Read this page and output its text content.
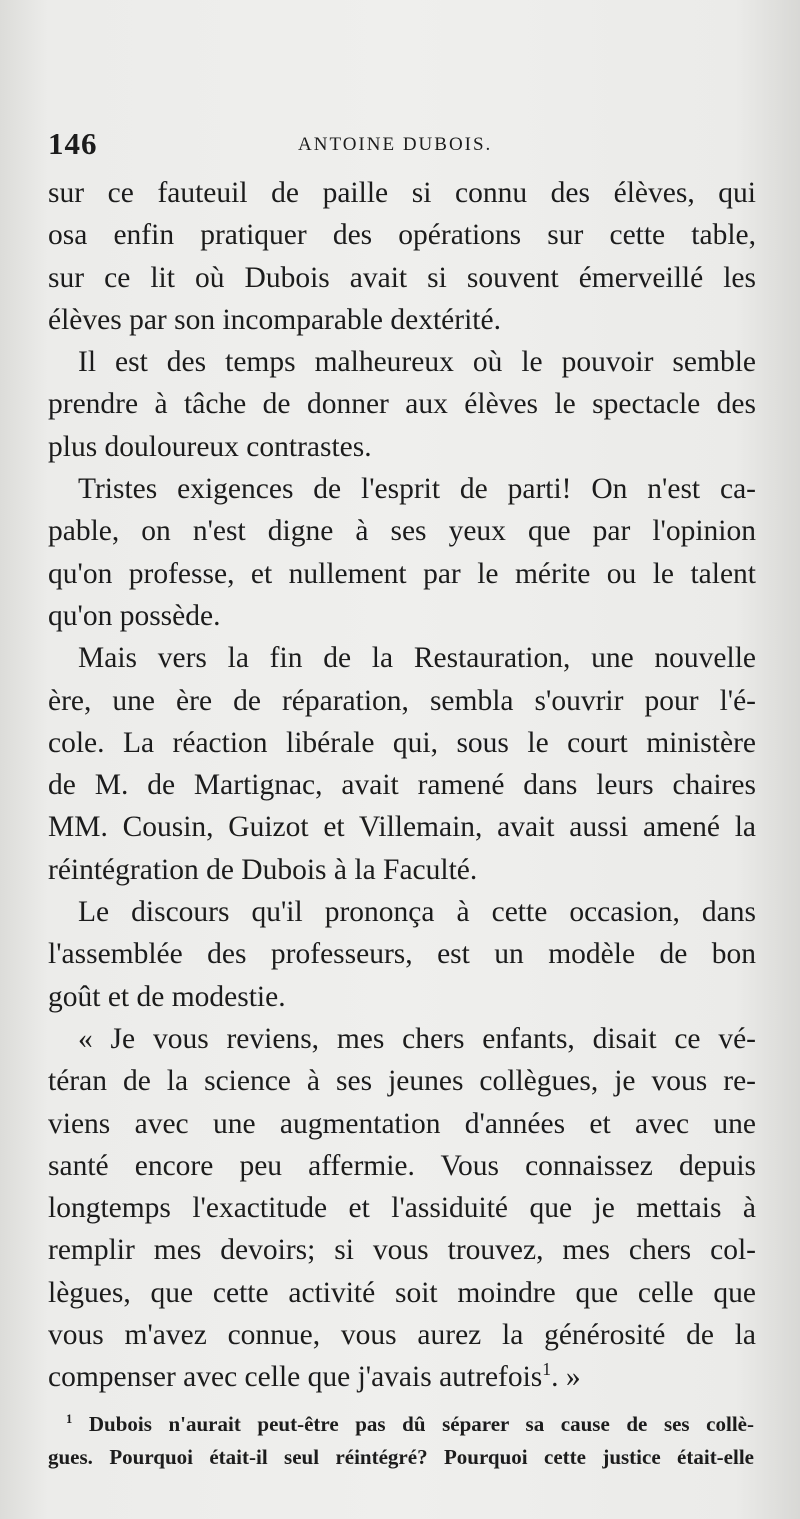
146	ANTOINE DUBOIS.
sur ce fauteuil de paille si connu des élèves, qui
osa enfin pratiquer des opérations sur cette table,
sur ce lit où Dubois avait si souvent émerveillé les
élèves par son incomparable dextérité.
Il est des temps malheureux où le pouvoir semble
prendre à tâche de donner aux élèves le spectacle des
plus douloureux contrastes.
Tristes exigences de l'esprit de parti! On n'est ca-
pable, on n'est digne à ses yeux que par l'opinion
qu'on professe, et nullement par le mérite ou le talent
qu'on possède.
Mais vers la fin de la Restauration, une nouvelle
ère, une ère de réparation, sembla s'ouvrir pour l'é-
cole. La réaction libérale qui, sous le court ministère
de M. de Martignac, avait ramené dans leurs chaires
MM. Cousin, Guizot et Villemain, avait aussi amené la
réintégration de Dubois à la Faculté.
Le discours qu'il prononça à cette occasion, dans
l'assemblée des professeurs, est un modèle de bon
goût et de modestie.
« Je vous reviens, mes chers enfants, disait ce vé-
téran de la science à ses jeunes collègues, je vous re-
viens avec une augmentation d'années et avec une
santé encore peu affermie. Vous connaissez depuis
longtemps l'exactitude et l'assiduité que je mettais à
remplir mes devoirs; si vous trouvez, mes chers col-
lègues, que cette activité soit moindre que celle que
vous m'avez connue, vous aurez la générosité de la
compenser avec celle que j'avais autrefois$^1$. »
$^1$ Dubois n'aurait peut-être pas dû séparer sa cause de ses collè-
gues. Pourquoi était-il seul réintégré? Pourquoi cette justice était-elle
